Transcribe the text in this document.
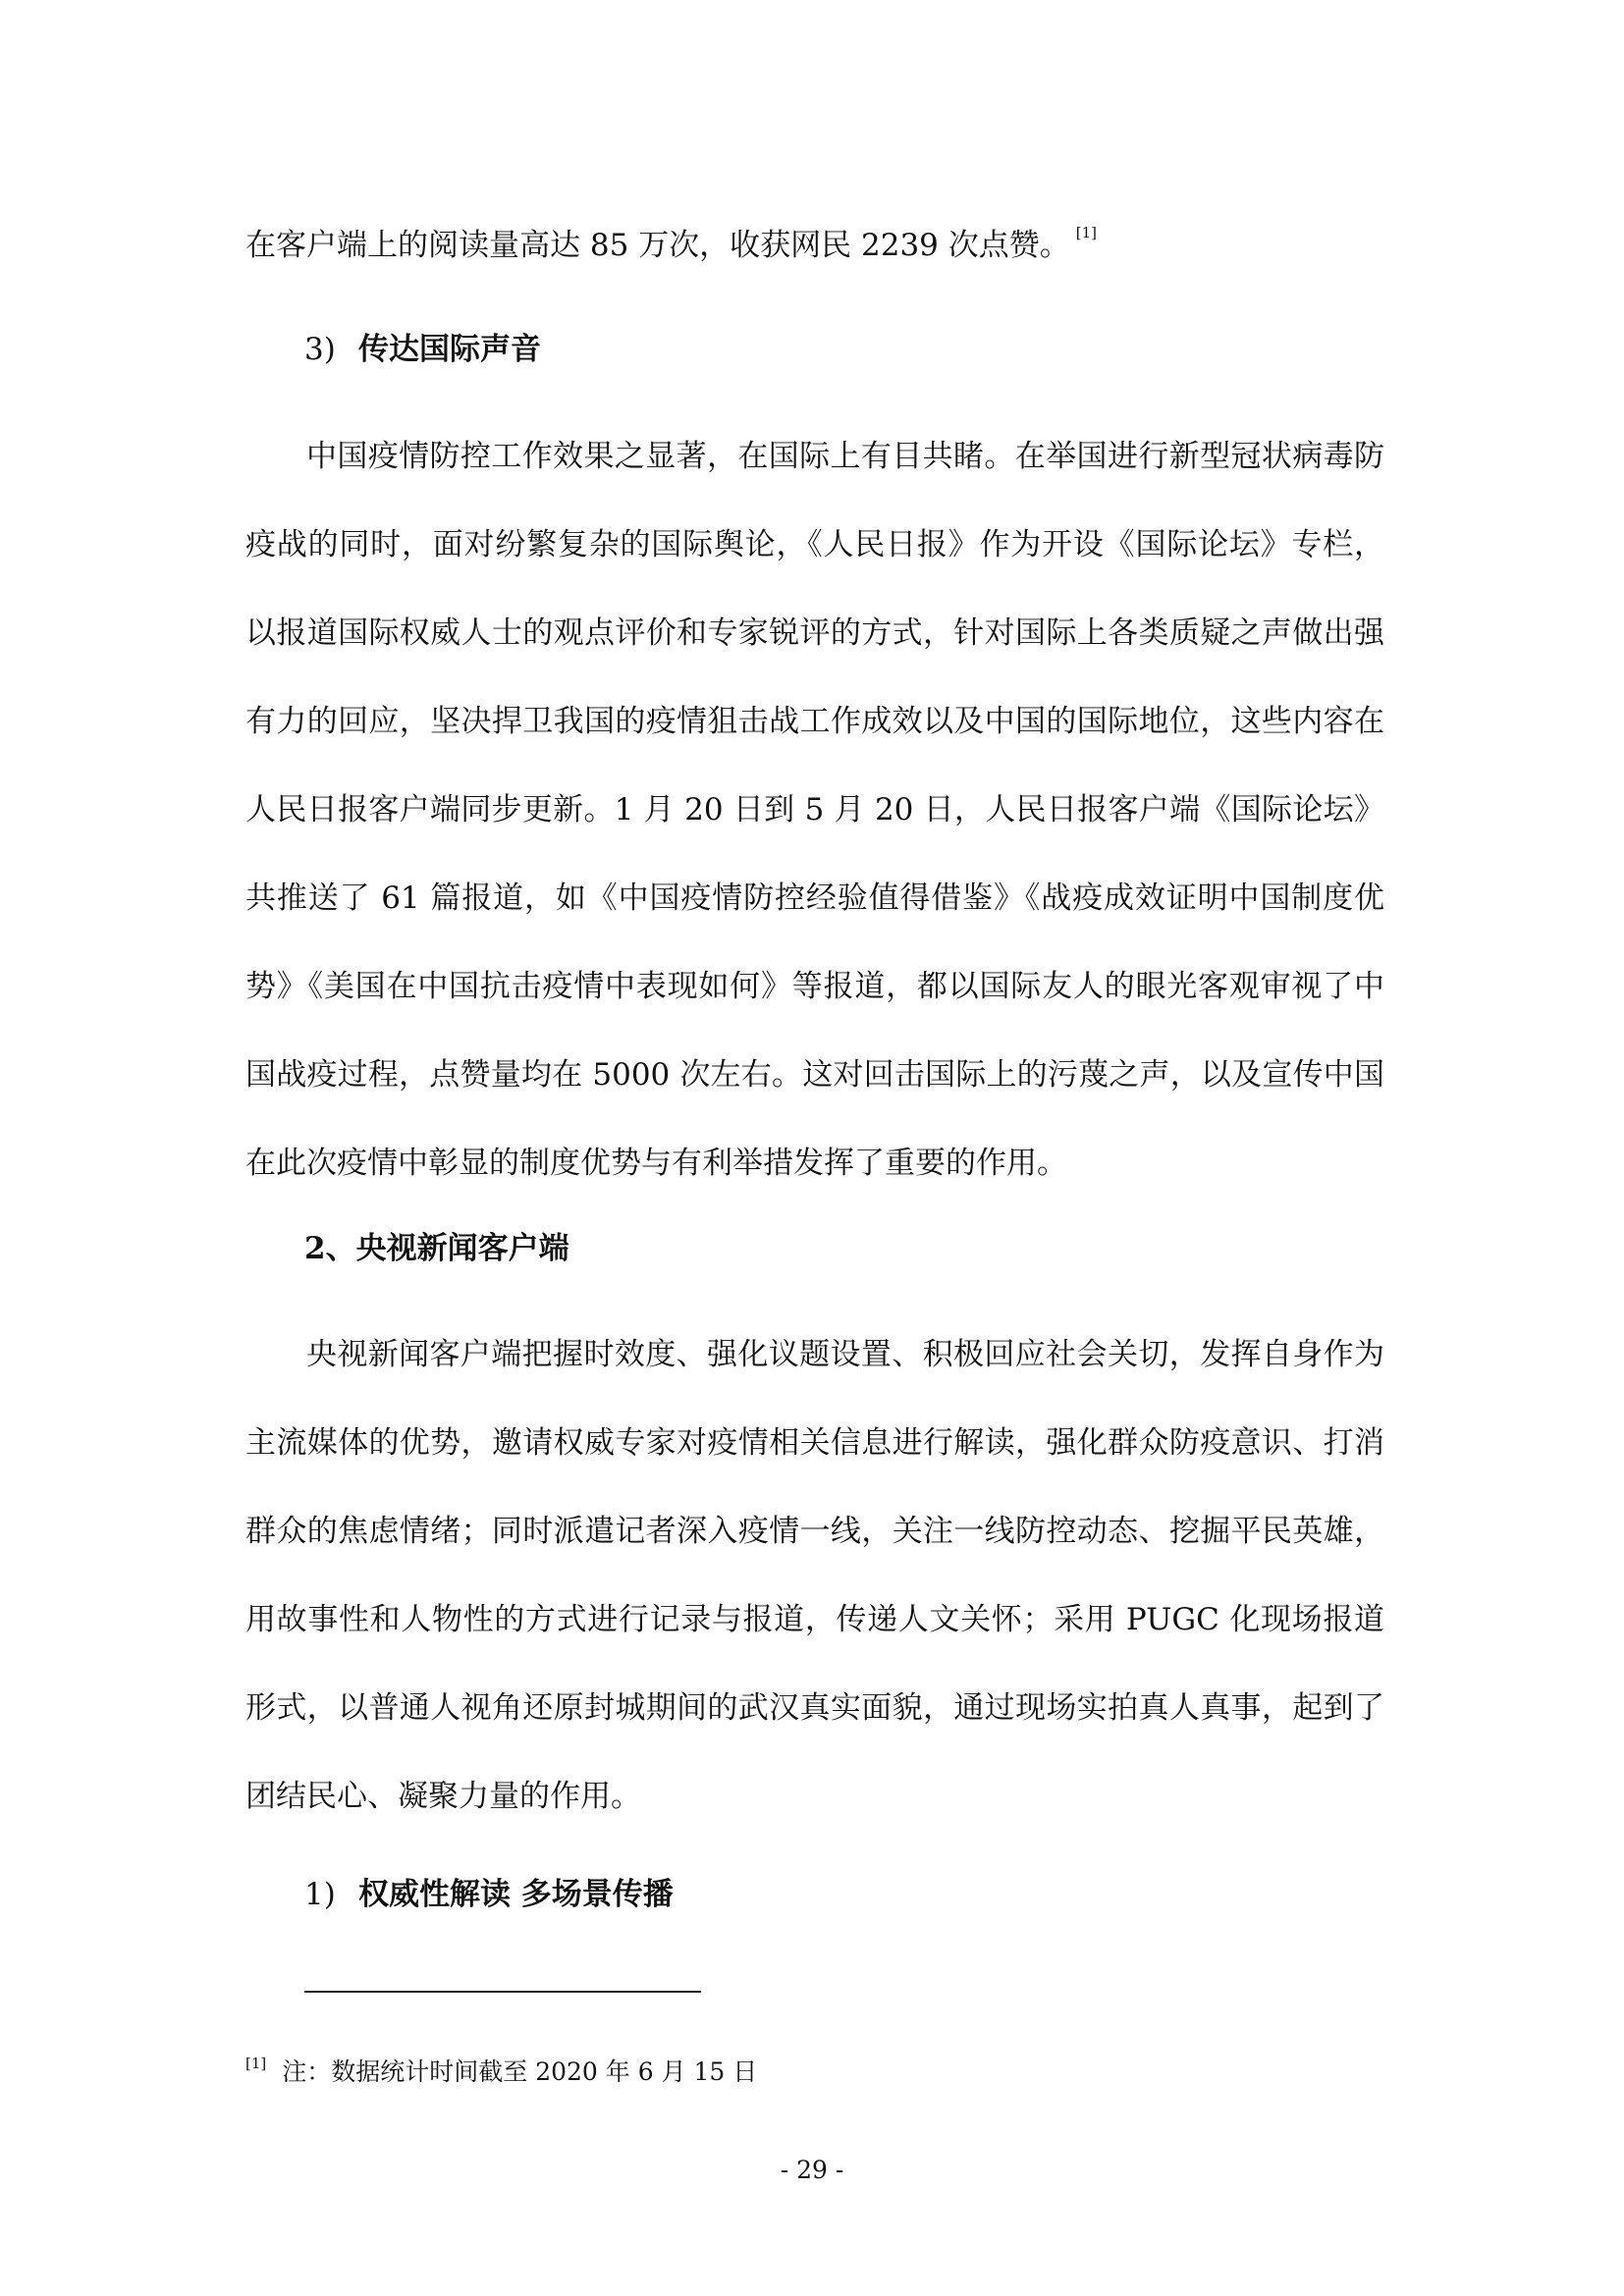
在客户端上的阅读量高达 85 万次，收获网民 2239 次点赞。 [1]

3) 传达国际声音

中国疫情防控工作效果之显著，在国际上有目共睹。在举国进行新型冠状病毒防疫战的同时，面对纷繁复杂的国际舆论，《人民日报》作为开设《国际论坛》专栏，以报道国际权威人士的观点评价和专家锐评的方式，针对国际上各类质疑之声做出强有力的回应，坚决捍卫我国的疫情狙击战工作成效以及中国的国际地位，这些内容在人民日报客户端同步更新。1 月 20 日到 5 月 20 日，人民日报客户端《国际论坛》共推送了 61 篇报道，如《中国疫情防控经验值得借鉴》《战疫成效证明中国制度优势》《美国在中国抗击疫情中表现如何》等报道，都以国际友人的眼光客观审视了中国战疫过程，点赞量均在 5000 次左右。这对回击国际上的污蔑之声，以及宣传中国在此次疫情中彰显的制度优势与有利举措发挥了重要的作用。

2、央视新闻客户端

央视新闻客户端把握时效度、强化议题设置、积极回应社会关切，发挥自身作为主流媒体的优势，邀请权威专家对疫情相关信息进行解读，强化群众防疫意识、打消群众的焦虑情绪；同时派遣记者深入疫情一线，关注一线防控动态、挖掘平民英雄，用故事性和人物性的方式进行记录与报道，传递人文关怀；采用 PUGC 化现场报道形式，以普通人视角还原封城期间的武汉真实面貌，通过现场实拍真人真事，起到了团结民心、凝聚力量的作用。

1) 权威性解读 多场景传播

[1] 注：数据统计时间截至 2020 年 6 月 15 日

- 29 -
